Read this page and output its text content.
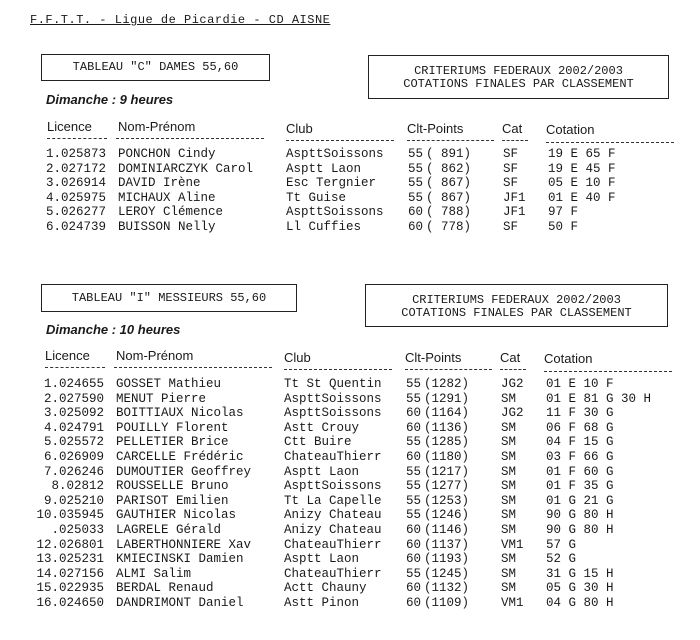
F.F.T.T. - Ligue de Picardie - CD AISNE
TABLEAU "C" DAMES 55,60	CRITERIUMS FEDERAUX 2002/2003
COTATIONS FINALES PAR CLASSEMENT
Dimanche : 9 heures
Licence Nom-Prénom	Club	Clt-Points	Cat Cotation
1.025873 PONCHON Cindy	AspttSoissons 55 ( 891)	SF 19 E 65 F
2.027172 DOMINIARCZYK Carol	Asptt Laon	55 ( 862)	SF 19 E 45 F
3.026914 DAVID Irène	Esc Tergnier	55 ( 867)	SF 05 E 10 F
4.025975 MICHAUX Aline	Tt Guise	55 ( 867)	JF1 01 E 40 F
5.026277 LEROY Clémence	AspttSoissons 60 ( 788)	JF1 97 F
6.024739 BUISSON Nelly	Ll Cuffies	60 ( 778)	SF 50 F
TABLEAU "I" MESSIEURS 55,60	CRITERIUMS FEDERAUX 2002/2003
COTATIONS FINALES PAR CLASSEMENT
Dimanche : 10 heures
Licence Nom-Prénom	Club	Clt-Points	Cat Cotation
1.024655 GOSSET Mathieu	Tt St Quentin 55 (1282)	JG2 01 E 10 F
2.027590 MENUT Pierre	AspttSoissons 55 (1291)	SM 01 E 81 G 30 H
3.025092 BOITTIAUX Nicolas	AspttSoissons 60 (1164)	JG2 11 F 30 G
4.024791 POUILLY Florent	Astt Crouy	60 (1136)	SM 06 F 68 G
5.025572 PELLETIER Brice	Ctt Buire	55 (1285)	SM 04 F 15 G
6.026909 CARCELLE Frédéric	ChateauThierr 60 (1180)	SM 03 F 66 G
7.026246 DUMOUTIER Geoffrey	Asptt Laon	55 (1217)	SM 01 F 60 G
8.02812 ROUSSELLE Bruno	AspttSoissons 55 (1277)	SM 01 F 35 G
9.025210 PARISOT Emilien	Tt La Capelle 55 (1253)	SM 01 G 21 G
10.035945 GAUTHIER Nicolas	Anizy Chateau 55 (1246)	SM 90 G 80 H
.025033 LAGRELE Gérald	Anizy Chateau 60 (1146)	SM 90 G 80 H
12.026801 LABERTHONNIERE Xav	ChateauThierr 60 (1137)	VM1 57 G
13.025231 KMIECINSKI Damien	Asptt Laon	60 (1193)	SM 52 G
14.027156 ALMI Salim	ChateauThierr 55 (1245)	SM 31 G 15 H
15.022935 BERDAL Renaud	Actt Chauny	60 (1132)	SM 05 G 30 H
16.024650 DANDRIMONT Daniel	Astt Pinon	60 (1109)	VM1 04 G 80 H
